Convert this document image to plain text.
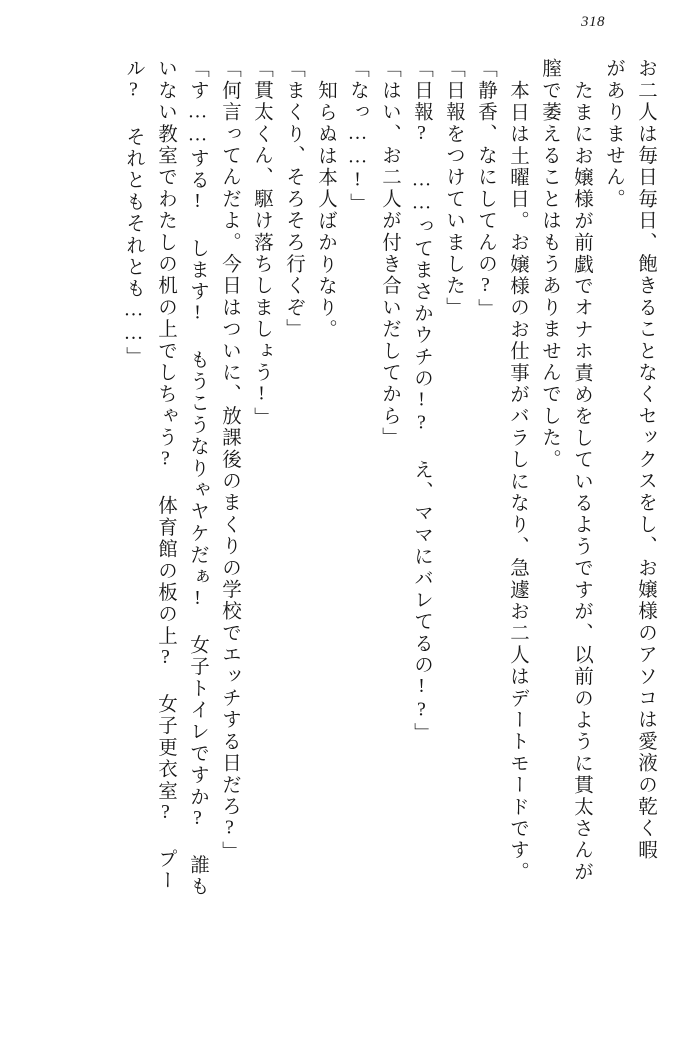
318
お二人は毎日毎日、飽きることなくセックスをし、お嬢様のアソコは愛液の乾く暇
がありません。
たまにお嬢様が前戯でオナホ責めをしているようですが、以前のように貫太さんが
膣で萎えることはもうありませんでした。
本日は土曜日。お嬢様のお仕事がバラしになり、急遽お二人はデートモードです。
「静香、なにしてんの?」
「日報をつけていました」
「日報? ……ってまさかウチの!? え、ママにバレてるの!?」
「はい、お二人が付き合いだしてから」
「なっ……!」
知らぬは本人ばかりなり。
「まくり、そろそろ行くぞ」
「貫太くん、駆け落ちしましょう!」
「何言ってんだよ。今日はついに、放課後のまくりの学校でエッチする日だろ?」
「す……する! します! もうこうなりゃヤケだぁ! 女子トイレですか? 誰も
いない教室でわたしの机の上でしちゃう? 体育館の板の上? 女子更衣室? プー
ル? それともそれとも……」
